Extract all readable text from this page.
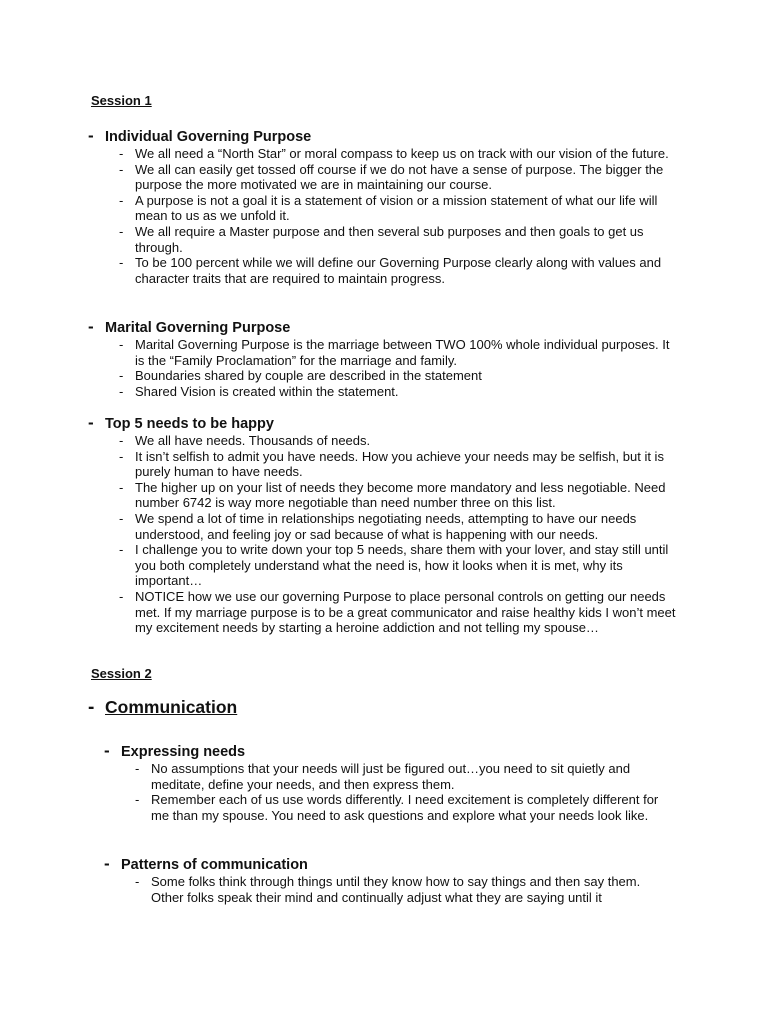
Session 1
- Individual Governing Purpose
- We all need a “North Star” or moral compass to keep us on track with our vision of the future.
- We all can easily get tossed off course if we do not have a sense of purpose. The bigger the purpose the more motivated we are in maintaining our course.
- A purpose is not a goal it is a statement of vision or a mission statement of what our life will mean to us as we unfold it.
- We all require a Master purpose and then several sub purposes and then goals to get us through.
- To be 100 percent while we will define our Governing Purpose clearly along with values and character traits that are required to maintain progress.
- Marital Governing Purpose
- Marital Governing Purpose is the marriage between TWO 100% whole individual purposes. It is the “Family Proclamation” for the marriage and family.
- Boundaries shared by couple are described in the statement
- Shared Vision is created within the statement.
- Top 5 needs to be happy
- We all have needs. Thousands of needs.
- It isn’t selfish to admit you have needs. How you achieve your needs may be selfish, but it is purely human to have needs.
- The higher up on your list of needs they become more mandatory and less negotiable. Need number 6742 is way more negotiable than need number three on this list.
- We spend a lot of time in relationships negotiating needs, attempting to have our needs understood, and feeling joy or sad because of what is happening with our needs.
- I challenge you to write down your top 5 needs, share them with your lover, and stay still until you both completely understand what the need is, how it looks when it is met, why its important…
- NOTICE how we use our governing Purpose to place personal controls on getting our needs met. If my marriage purpose is to be a great communicator and raise healthy kids I won’t meet my excitement needs by starting a heroine addiction and not telling my spouse…
Session 2
- Communication
- Expressing needs
- No assumptions that your needs will just be figured out…you need to sit quietly and meditate, define your needs, and then express them.
- Remember each of us use words differently. I need excitement is completely different for me than my spouse. You need to ask questions and explore what your needs look like.
- Patterns of communication
- Some folks think through things until they know how to say things and then say them. Other folks speak their mind and continually adjust what they are saying until it
